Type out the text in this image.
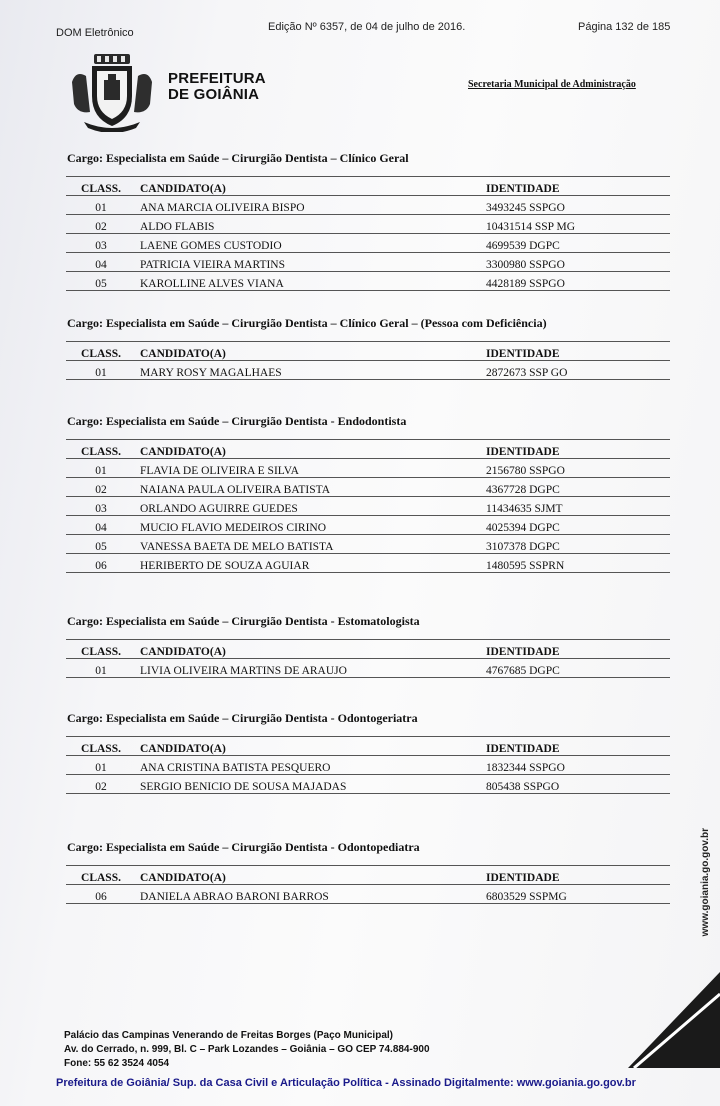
DOM Eletrônico	Edição Nº 6357, de 04 de julho de 2016.	Página 132 de 185
PREFEITURA
DE GOIÂNIA
Secretaria Municipal de Administração
Cargo: Especialista em Saúde – Cirurgião Dentista – Clínico Geral
CLASS.	CANDIDATO(A)	IDENTIDADE
01	ANA MARCIA OLIVEIRA BISPO	3493245 SSPGO
02	ALDO FLABIS	10431514 SSP MG
03	LAENE GOMES CUSTODIO	4699539 DGPC
04	PATRICIA VIEIRA MARTINS	3300980 SSPGO
05	KAROLLINE ALVES VIANA	4428189 SSPGO
Cargo: Especialista em Saúde – Cirurgião Dentista – Clínico Geral – (Pessoa com Deficiência)
CLASS.	CANDIDATO(A)	IDENTIDADE
01	MARY ROSY MAGALHAES	2872673 SSP GO
Cargo: Especialista em Saúde – Cirurgião Dentista - Endodontista
CLASS.	CANDIDATO(A)	IDENTIDADE
01	FLAVIA DE OLIVEIRA E SILVA	2156780 SSPGO
02	NAIANA PAULA OLIVEIRA BATISTA	4367728 DGPC
03	ORLANDO AGUIRRE GUEDES	11434635 SJMT
04	MUCIO FLAVIO MEDEIROS CIRINO	4025394 DGPC
05	VANESSA BAETA DE MELO BATISTA	3107378 DGPC
06	HERIBERTO DE SOUZA AGUIAR	1480595 SSPRN
Cargo: Especialista em Saúde – Cirurgião Dentista - Estomatologista
CLASS.	CANDIDATO(A)	IDENTIDADE
01	LIVIA OLIVEIRA MARTINS DE ARAUJO	4767685 DGPC
Cargo: Especialista em Saúde – Cirurgião Dentista - Odontogeriatra
CLASS.	CANDIDATO(A)	IDENTIDADE
01	ANA CRISTINA BATISTA PESQUERO	1832344 SSPGO
02	SERGIO BENICIO DE SOUSA MAJADAS	805438 SSPGO
Cargo: Especialista em Saúde – Cirurgião Dentista - Odontopediatra
CLASS.	CANDIDATO(A)	IDENTIDADE
06	DANIELA ABRAO BARONI BARROS	6803529 SSPMG	www.goiania.go.gov.br
Palácio das Campinas Venerando de Freitas Borges (Paço Municipal)
Av. do Cerrado, n. 999, Bl. C – Park Lozandes – Goiânia – GO CEP 74.884-900
Fone: 55 62 3524 4054
Prefeitura de Goiânia/ Sup. da Casa Civil e Articulação Política - Assinado Digitalmente: www.goiania.go.gov.br
